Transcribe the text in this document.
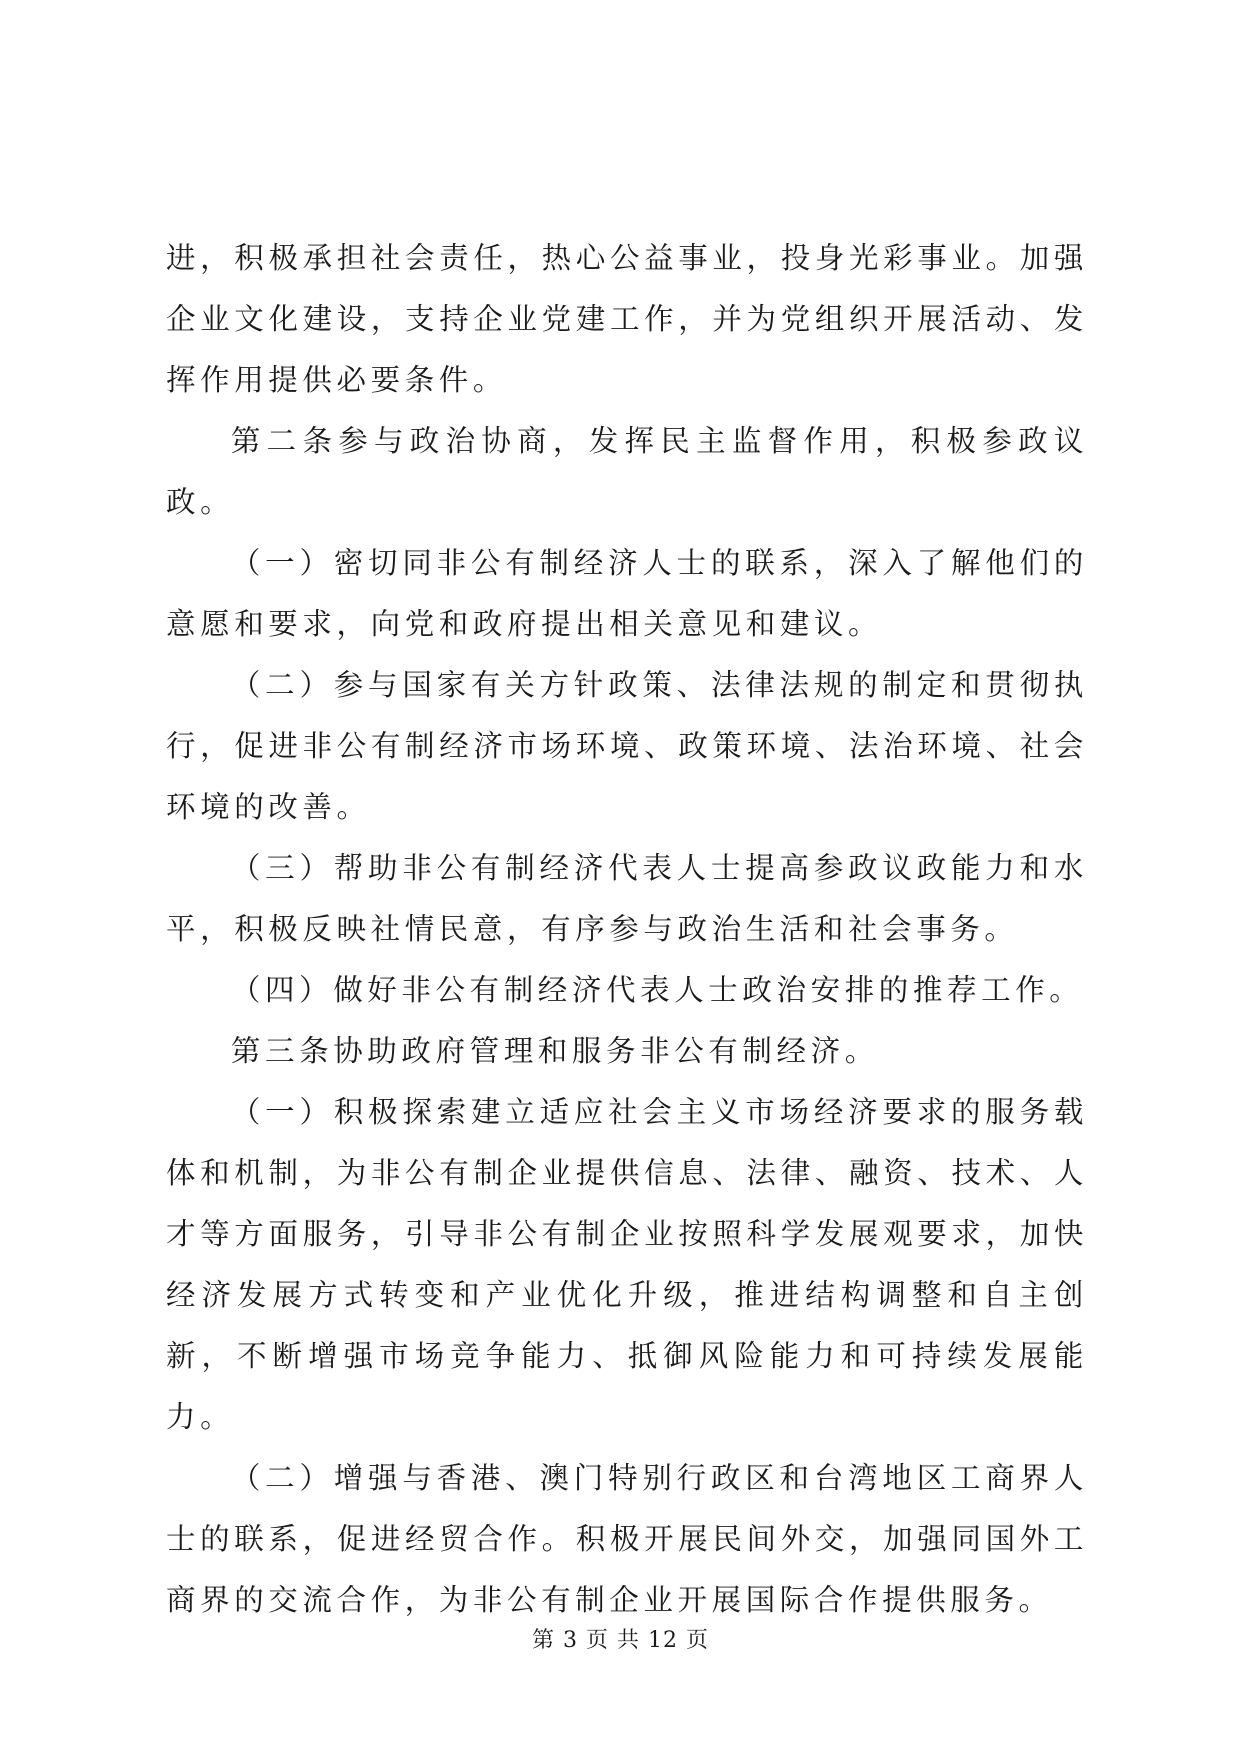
进，积极承担社会责任，热心公益事业，投身光彩事业。加强企业文化建设，支持企业党建工作，并为党组织开展活动、发挥作用提供必要条件。

第二条参与政治协商，发挥民主监督作用，积极参政议政。

（一）密切同非公有制经济人士的联系，深入了解他们的意愿和要求，向党和政府提出相关意见和建议。

（二）参与国家有关方针政策、法律法规的制定和贯彻执行，促进非公有制经济市场环境、政策环境、法治环境、社会环境的改善。

（三）帮助非公有制经济代表人士提高参政议政能力和水平，积极反映社情民意，有序参与政治生活和社会事务。

（四）做好非公有制经济代表人士政治安排的推荐工作。

第三条协助政府管理和服务非公有制经济。

（一）积极探索建立适应社会主义市场经济要求的服务载体和机制，为非公有制企业提供信息、法律、融资、技术、人才等方面服务，引导非公有制企业按照科学发展观要求，加快经济发展方式转变和产业优化升级，推进结构调整和自主创新，不断增强市场竞争能力、抵御风险能力和可持续发展能力。

（二）增强与香港、澳门特别行政区和台湾地区工商界人士的联系，促进经贸合作。积极开展民间外交，加强同国外工商界的交流合作，为非公有制企业开展国际合作提供服务。

第 3 页 共 12 页
